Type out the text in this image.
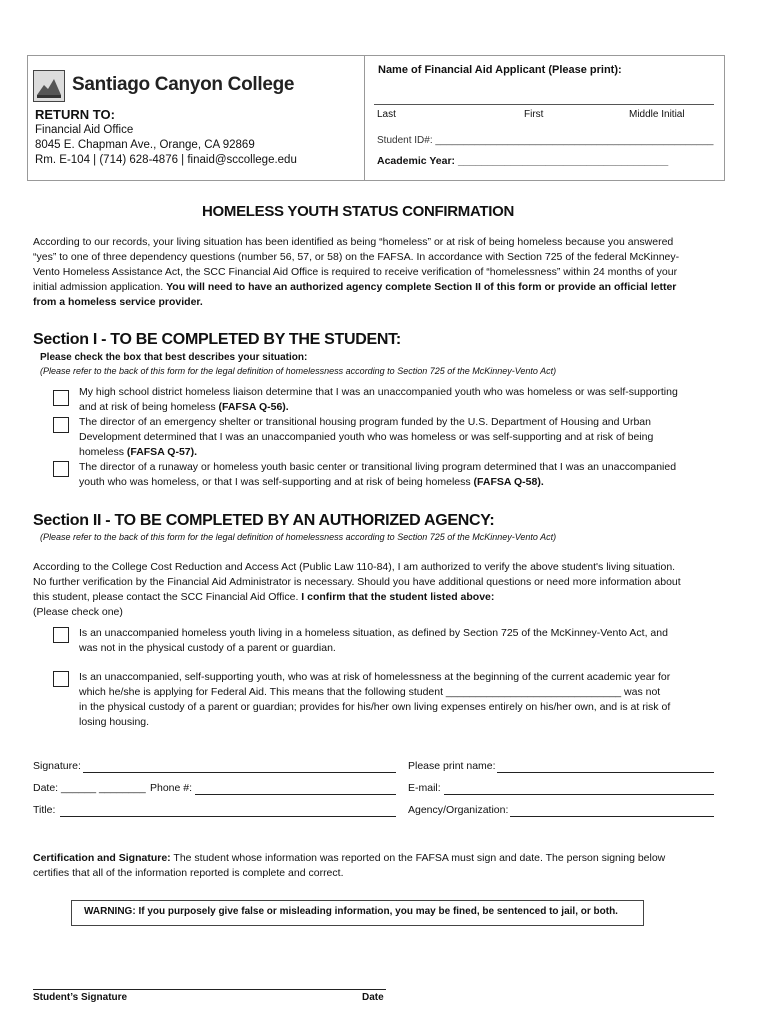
Santiago Canyon College
RETURN TO:
Financial Aid Office
8045 E. Chapman Ave., Orange, CA 92869
Rm. E-104 | (714) 628-4876 | finaid@sccollege.edu
Name of Financial Aid Applicant (Please print):
Last	First	Middle Initial
Student ID#: __________________________________________________
Academic Year: ____________________________________
HOMELESS YOUTH STATUS CONFIRMATION
According to our records, your living situation has been identified as being “homeless” or at risk of being homeless because you answered
“yes” to one of three dependency questions (number 56, 57, or 58) on the FAFSA. In accordance with Section 725 of the federal McKinney-
Vento Homeless Assistance Act, the SCC Financial Aid Office is required to receive verification of “homelessness” within 24 months of your
initial admission application. You will need to have an authorized agency complete Section II of this form or provide an official letter
from a homeless service provider.
Section I - TO BE COMPLETED BY THE STUDENT:
Please check the box that best describes your situation:
(Please refer to the back of this form for the legal definition of homelessness according to Section 725 of the McKinney-Vento Act)
My high school district homeless liaison determine that I was an unaccompanied youth who was homeless or was self-supporting
and at risk of being homeless (FAFSA Q-56).
The director of an emergency shelter or transitional housing program funded by the U.S. Department of Housing and Urban
Development determined that I was an unaccompanied youth who was homeless or was self-supporting and at risk of being
homeless (FAFSA Q-57).
The director of a runaway or homeless youth basic center or transitional living program determined that I was an unaccompanied
youth who was homeless, or that I was self-supporting and at risk of being homeless (FAFSA Q-58).
Section II - TO BE COMPLETED BY AN AUTHORIZED AGENCY:
(Please refer to the back of this form for the legal definition of homelessness according to Section 725 of the McKinney-Vento Act)
According to the College Cost Reduction and Access Act (Public Law 110-84), I am authorized to verify the above student's living situation.
No further verification by the Financial Aid Administrator is necessary. Should you have additional questions or need more information about
this student, please contact the SCC Financial Aid Office. I confirm that the student listed above:
(Please check one)
Is an unaccompanied homeless youth living in a homeless situation, as defined by Section 725 of the McKinney-Vento Act, and
was not in the physical custody of a parent or guardian.
Is an unaccompanied, self-supporting youth, who was at risk of homelessness at the beginning of the current academic year for
which he/she is applying for Federal Aid. This means that the following student ______________________________ was not
in the physical custody of a parent or guardian; provides for his/her own living expenses entirely on his/her own, and is at risk of
losing housing.
Signature:	Please print name:
Date: ______ ________ Phone #:	E-mail:
Title:	Agency/Organization:
Certification and Signature: The student whose information was reported on the FAFSA must sign and date. The person signing below
certifies that all of the information reported is complete and correct.
WARNING: If you purposely give false or misleading information, you may be fined, be sentenced to jail, or both.
Student’s Signature	Date
